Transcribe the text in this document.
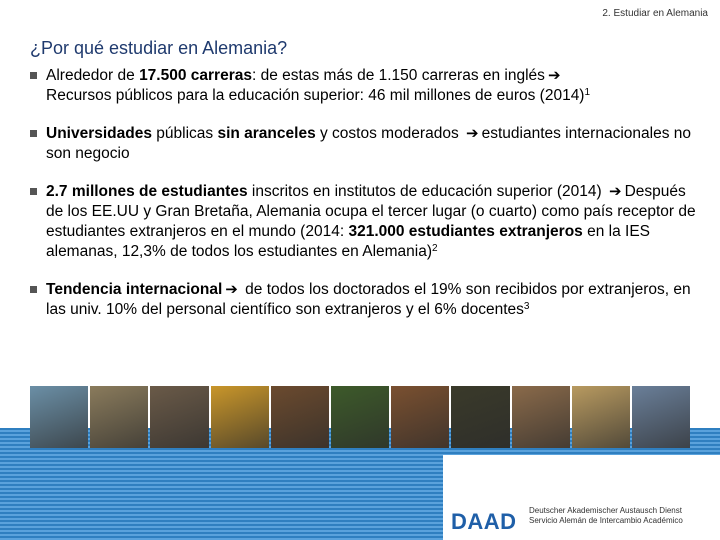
2. Estudiar en Alemania
¿Por qué estudiar en Alemania?
Alrededor de 17.500 carreras: de estas más de 1.150 carreras en inglés ➔
Recursos públicos para la educación superior: 46 mil millones de euros $(2014)^1$
Universidades públicas sin aranceles y costos moderados ➔ estudiantes internacionales no son negocio
2.7 millones de estudiantes inscritos en institutos de educación superior (2014) ➔ Después de los EE.UU y Gran Bretaña, Alemania ocupa el tercer lugar (o cuarto) como país receptor de estudiantes extranjeros en el mundo (2014: 321.000 estudiantes extranjeros en la IES alemanas, 12,3% de todos los estudiantes en Alemania)$^2$
Tendencia internacional ➔ de todos los doctorados el 19% son recibidos por extranjeros, en las univ. 10% del personal científico son extranjeros y el 6% docentes$^3$
DAAD Deutscher Akademischer Austausch Dienst
Servicio Alemán de Intercambio Académico
